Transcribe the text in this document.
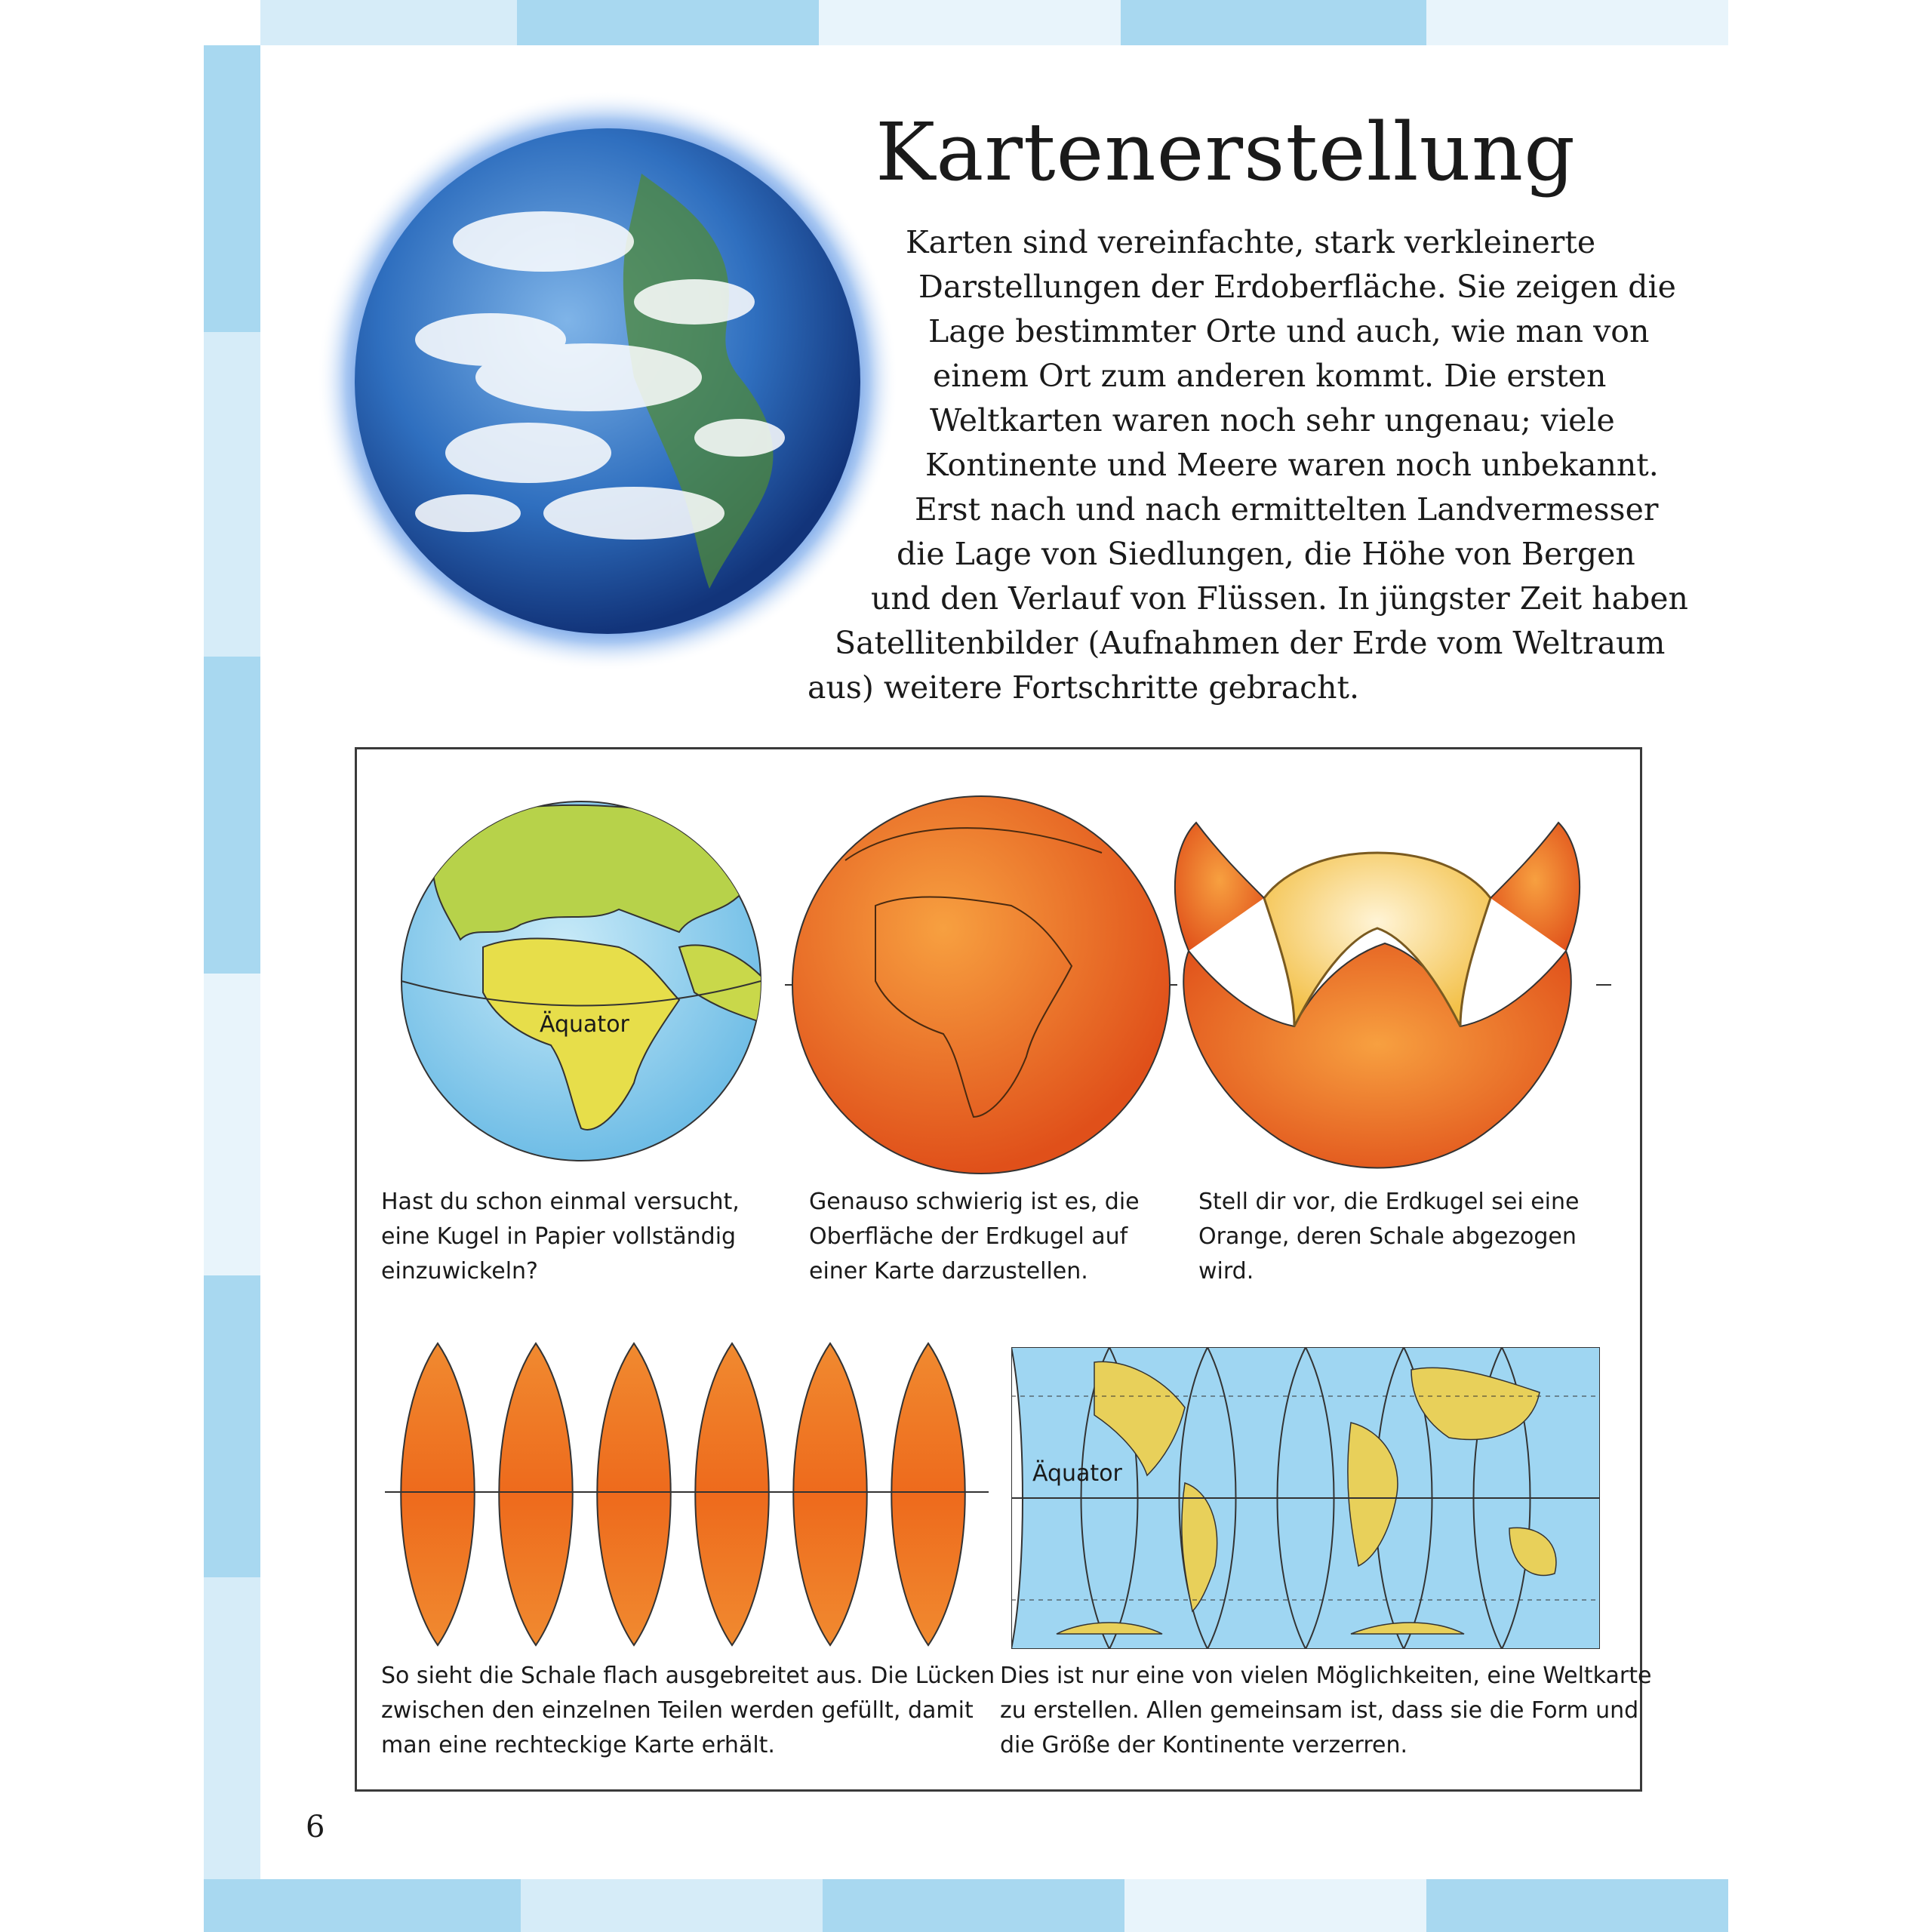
Kartenerstellung
Karten sind vereinfachte, stark verkleinerte
Darstellungen der Erdoberfläche. Sie zeigen die
Lage bestimmter Orte und auch, wie man von
einem Ort zum anderen kommt. Die ersten
Weltkarten waren noch sehr ungenau; viele
Kontinente und Meere waren noch unbekannt.
Erst nach und nach ermittelten Landvermesser
die Lage von Siedlungen, die Höhe von Bergen
und den Verlauf von Flüssen. In jüngster Zeit haben
Satellitenbilder (Aufnahmen der Erde vom Weltraum
aus) weitere Fortschritte gebracht.
Äquator
Hast du schon einmal versucht,
eine Kugel in Papier vollständig
einzuwickeln?
Genauso schwierig ist es, die
Oberfläche der Erdkugel auf
einer Karte darzustellen.
Stell dir vor, die Erdkugel sei eine
Orange, deren Schale abgezogen
wird.
Äquator
So sieht die Schale flach ausgebreitet aus. Die Lücken
zwischen den einzelnen Teilen werden gefüllt, damit
man eine rechteckige Karte erhält.
Dies ist nur eine von vielen Möglichkeiten, eine Weltkarte
zu erstellen. Allen gemeinsam ist, dass sie die Form und
die Größe der Kontinente verzerren.
6
